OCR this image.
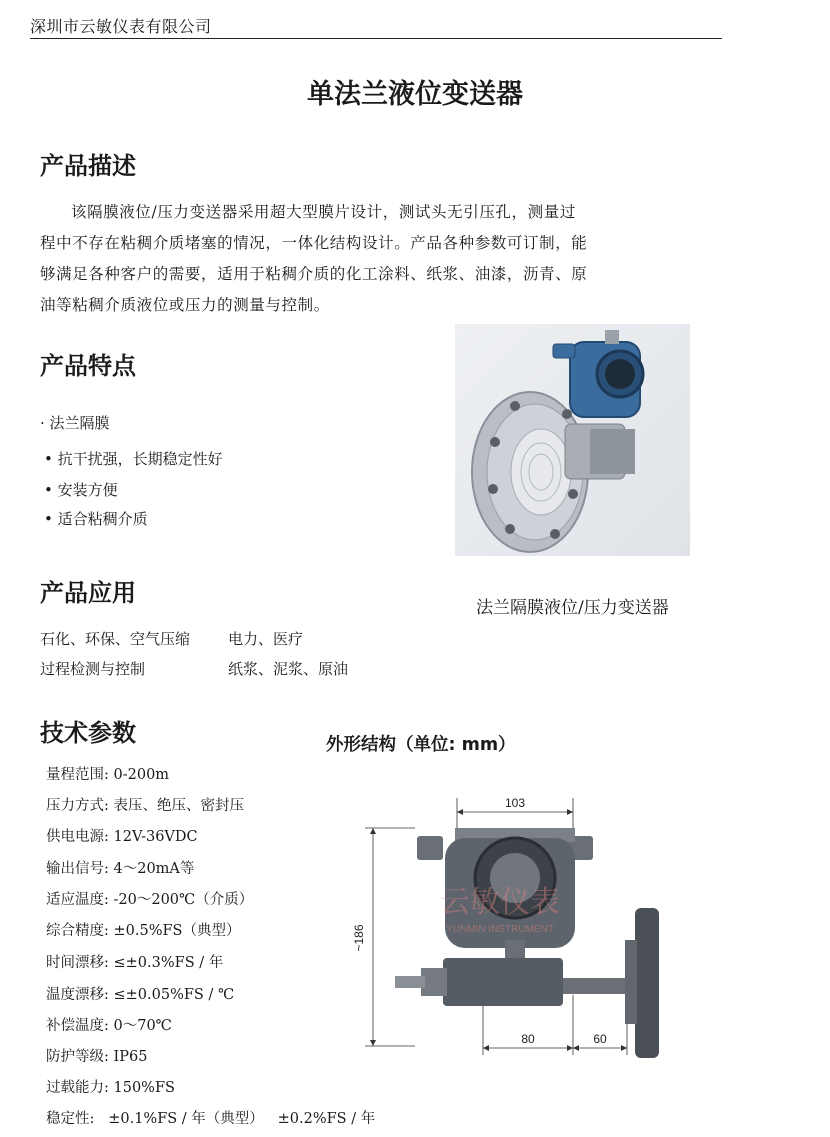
深圳市云敏仪表有限公司
单法兰液位变送器
产品描述
该隔膜液位/压力变送器采用超大型膜片设计，测试头无引压孔，测量过程中不存在粘稠介质堵塞的情况，一体化结构设计。产品各种参数可订制，能够满足各种客户的需要，适用于粘稠介质的化工涂料、纸浆、油漆，沥青、原油等粘稠介质液位或压力的测量与控制。
产品特点
· 法兰隔膜
• 抗干扰强，长期稳定性好
• 安装方便
• 适合粘稠介质
法兰隔膜液位/压力变送器
产品应用
石化、环保、空气压缩	电力、医疗
过程检测与控制	纸浆、泥浆、原油
技术参数
量程范围: 0-200m
压力方式: 表压、绝压、密封压
供电电源: 12V-36VDC
输出信号: 4～20mA等
适应温度: -20～200℃（介质）
综合精度: ±0.5%FS（典型）
时间漂移: ≤±0.3%FS / 年
温度漂移: ≤±0.05%FS / ℃
补偿温度: 0～70℃
防护等级: IP65
过载能力: 150%FS
稳定性:   ±0.1%FS / 年（典型）   ±0.2%FS / 年
外形结构（单位: mm）
103
~186
80	60
云敏仪表
YUNMIN INSTRUMENT
